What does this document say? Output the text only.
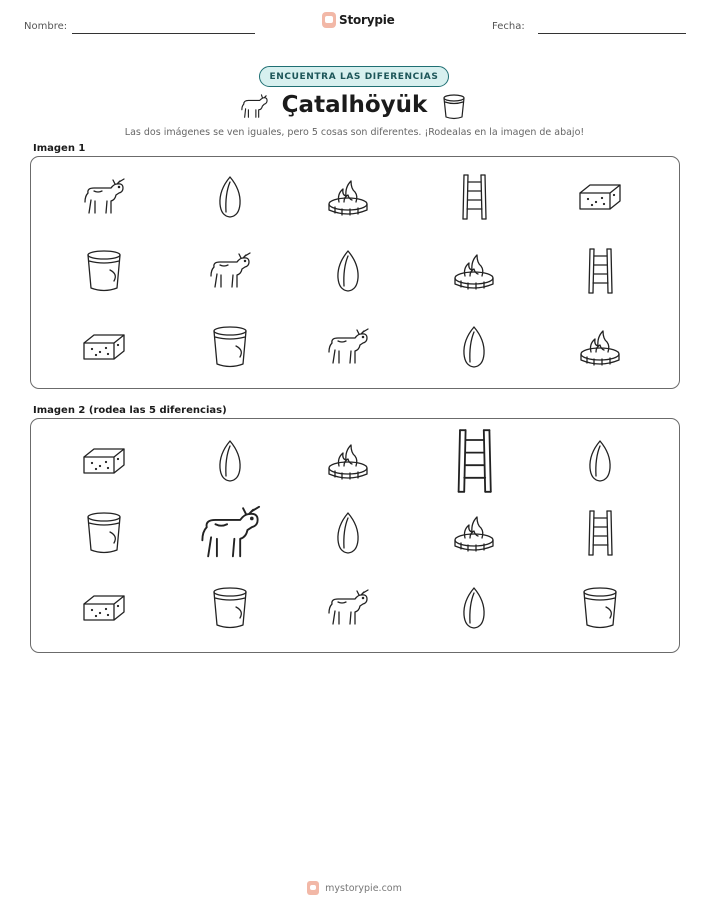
Nombre:	Storypie	Fecha:
ENCUENTRA LAS DIFERENCIAS
Çatalhöyük
Las dos imágenes se ven iguales, pero 5 cosas son diferentes. ¡Rodealas en la imagen de abajo!
Imagen 1
Imagen 2 (rodea las 5 diferencias)
mystorypie.com
